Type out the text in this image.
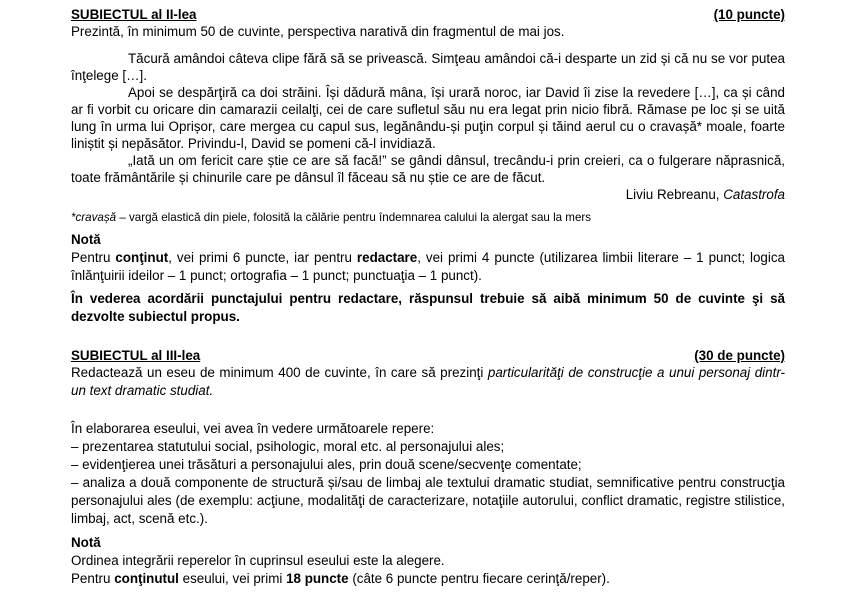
SUBIECTUL al II-lea	(10 puncte)

Prezintă, în minimum 50 de cuvinte, perspectiva narativă din fragmentul de mai jos.

Tăcură amândoi câteva clipe fără să se privească. Simţeau amândoi că-i desparte un zid și că nu se vor putea înţelege […].

Apoi se despărţiră ca doi străini. Își dădură mâna, își urară noroc, iar David îi zise la revedere […], ca și când ar fi vorbit cu oricare din camarazii ceilalţi, cei de care sufletul său nu era legat prin nicio fibră. Rămase pe loc și se uită lung în urma lui Oprișor, care mergea cu capul sus, legănându-și puţin corpul și tăind aerul cu o cravașă* moale, foarte liniștit și nepăsător. Privindu-l, David se pomeni că-l invidiază.

„Iată un om fericit care știe ce are să facă!” se gândi dânsul, trecându-i prin creieri, ca o fulgerare năprasnică, toate frământările și chinurile care pe dânsul îl făceau să nu știe ce are de făcut.

Liviu Rebreanu, Catastrofa
*cravașă – vargă elastică din piele, folosită la călărie pentru îndemnarea calului la alergat sau la mers
Notă

Pentru conţinut, vei primi 6 puncte, iar pentru redactare, vei primi 4 puncte (utilizarea limbii literare – 1 punct; logica înlănţuirii ideilor – 1 punct; ortografia – 1 punct; punctuaţia – 1 punct).

În vederea acordării punctajului pentru redactare, răspunsul trebuie să aibă minimum 50 de cuvinte şi să dezvolte subiectul propus.

SUBIECTUL al III-lea	(30 de puncte)

Redactează un eseu de minimum 400 de cuvinte, în care să prezinţi particularităţi de construcţie a unui personaj dintr-un text dramatic studiat.

În elaborarea eseului, vei avea în vedere următoarele repere:

– prezentarea statutului social, psihologic, moral etc. al personajului ales;

– evidenţierea unei trăsături a personajului ales, prin două scene/secvenţe comentate;

– analiza a două componente de structură și/sau de limbaj ale textului dramatic studiat, semnificative pentru construcţia personajului ales (de exemplu: acţiune, modalităţi de caracterizare, notaţiile autorului, conflict dramatic, registre stilistice, limbaj, act, scenă etc.).

Notă

Ordinea integrării reperelor în cuprinsul eseului este la alegere.

Pentru conţinutul eseului, vei primi 18 puncte (câte 6 puncte pentru fiecare cerinţă/reper).
